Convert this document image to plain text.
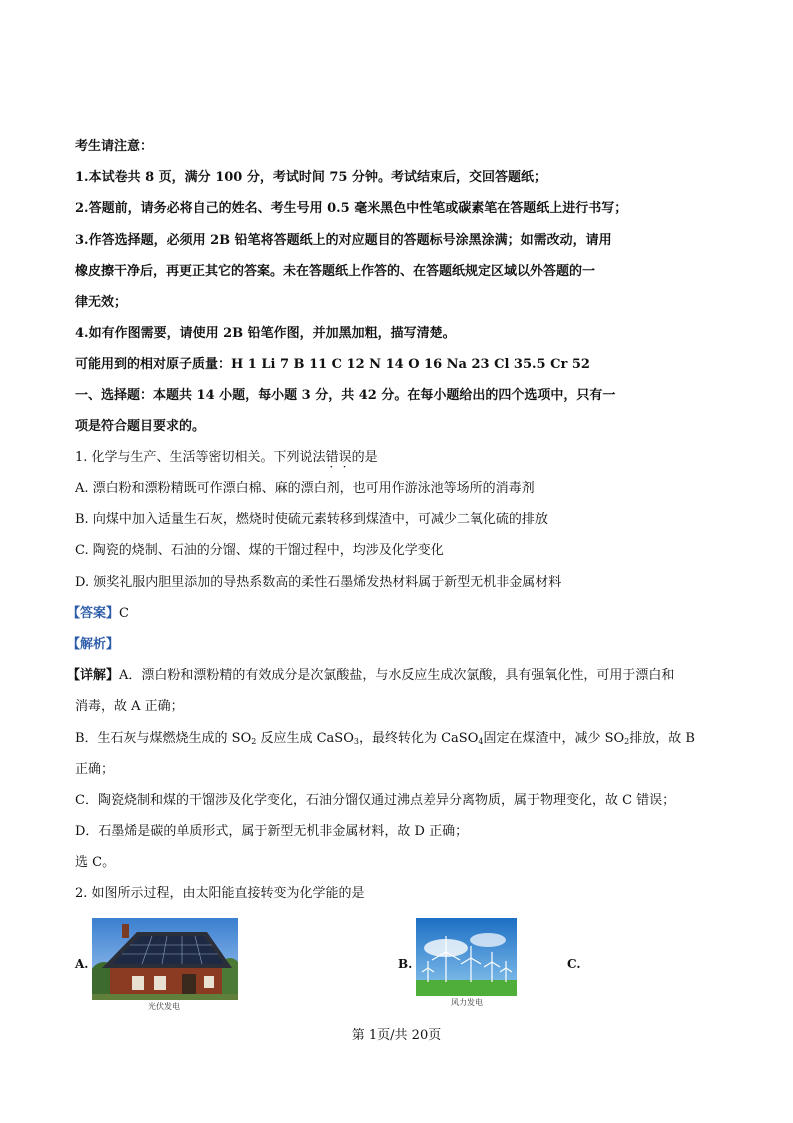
考生请注意：
1.本试卷共 8 页，满分 100 分，考试时间 75 分钟。考试结束后，交回答题纸；
2.答题前，请务必将自己的姓名、考生号用 0.5 毫米黑色中性笔或碳素笔在答题纸上进行书写；
3.作答选择题，必须用 2B 铅笔将答题纸上的对应题目的答题标号涂黑涂满；如需改动，请用
橡皮擦干净后，再更正其它的答案。未在答题纸上作答的、在答题纸规定区域以外答题的一
律无效；
4.如有作图需要，请使用 2B 铅笔作图，并加黑加粗，描写清楚。
可能用到的相对原子质量：H 1 Li 7 B 11 C 12 N 14 O 16 Na 23 Cl 35.5 Cr 52
一、选择题：本题共 14 小题，每小题 3 分，共 42 分。在每小题给出的四个选项中，只有一
项是符合题目要求的。
1. 化学与生产、生活等密切相关。下列说法错误的是
A. 漂白粉和漂粉精既可作漂白棉、麻的漂白剂，也可用作游泳池等场所的消毒剂
B. 向煤中加入适量生石灰，燃烧时使硫元素转移到煤渣中，可减少二氧化硫的排放
C. 陶瓷的烧制、石油的分馏、煤的干馏过程中，均涉及化学变化
D. 颁奖礼服内胆里添加的导热系数高的柔性石墨烯发热材料属于新型无机非金属材料
【答案】C
【解析】
【详解】A．漂白粉和漂粉精的有效成分是次氯酸盐，与水反应生成次氯酸，具有强氧化性，可用于漂白和
消毒，故 A 正确；
B．生石灰与煤燃烧生成的 $SO_2$ 反应生成 CaSO$_3$，最终转化为 CaSO$_4$固定在煤渣中，减少 $SO_2$排放，故 B
正确；
C．陶瓷烧制和煤的干馏涉及化学变化，石油分馏仅通过沸点差异分离物质，属于物理变化，故 C 错误；
D．石墨烯是碳的单质形式，属于新型无机非金属材料，故 D 正确；
选 C。
2. 如图所示过程，由太阳能直接转变为化学能的是
A.
光伏发电
B.
风力发电
C.
第 1页/共 20页
